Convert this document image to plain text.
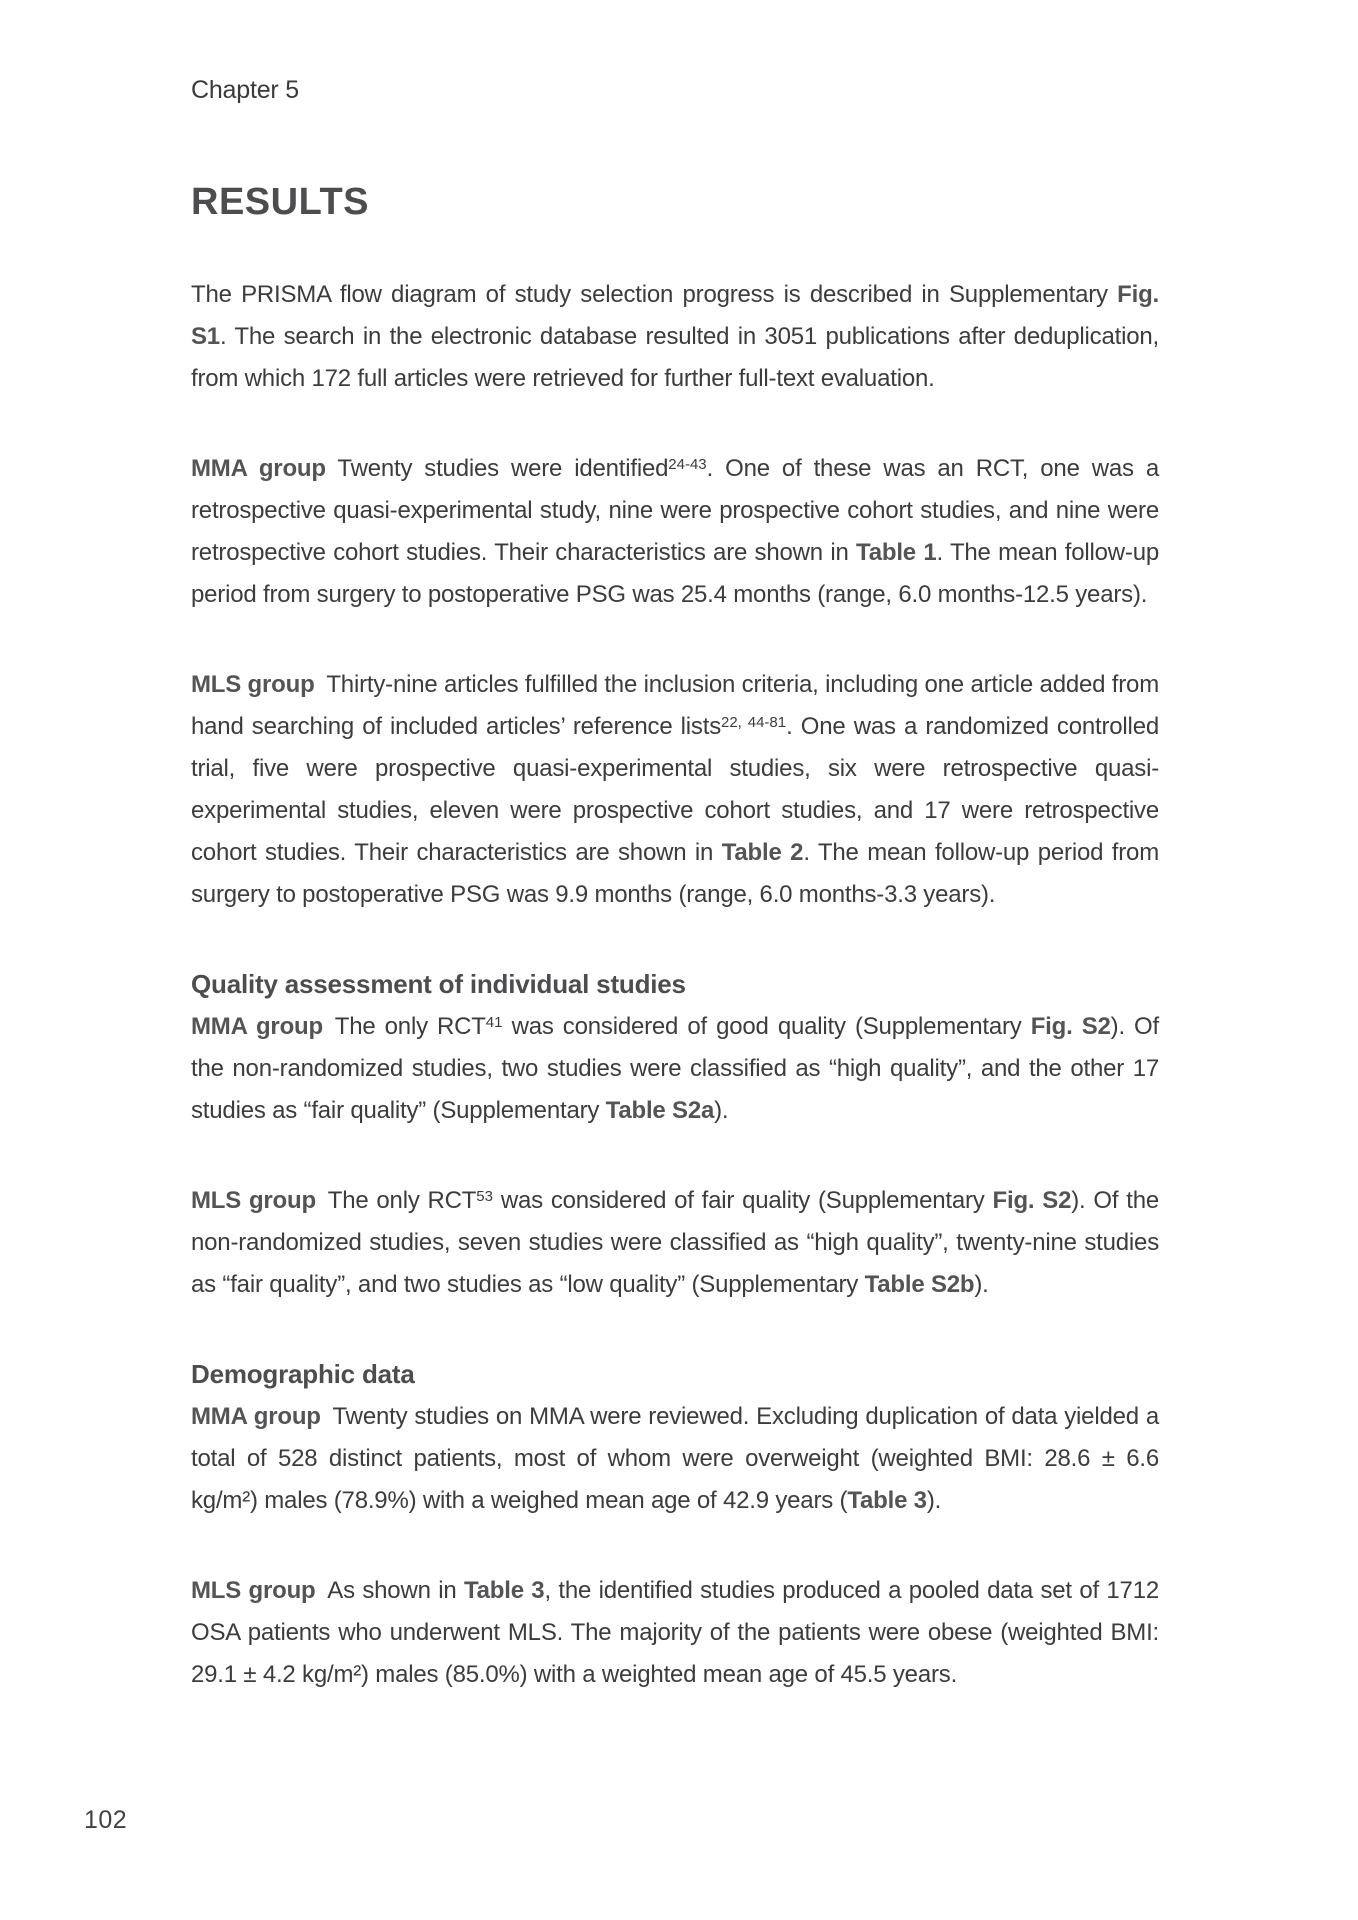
Chapter 5
RESULTS

The PRISMA flow diagram of study selection progress is described in Supplementary Fig. S1. The search in the electronic database resulted in 3051 publications after deduplication, from which 172 full articles were retrieved for further full-text evaluation.

MMA group Twenty studies were identified$^{24-43}$. One of these was an RCT, one was a retrospective quasi-experimental study, nine were prospective cohort studies, and nine were retrospective cohort studies. Their characteristics are shown in Table 1. The mean follow-up period from surgery to postoperative PSG was 25.4 months (range, 6.0 months-12.5 years).

MLS group Thirty-nine articles fulfilled the inclusion criteria, including one article added from hand searching of included articles’ reference lists$^{22, 44-81}$. One was a randomized controlled trial, five were prospective quasi-experimental studies, six were retrospective quasi-experimental studies, eleven were prospective cohort studies, and 17 were retrospective cohort studies. Their characteristics are shown in Table 2. The mean follow-up period from surgery to postoperative PSG was 9.9 months (range, 6.0 months-3.3 years).

Quality assessment of individual studies

MMA group The only RCT$^{41}$ was considered of good quality (Supplementary Fig. S2). Of the non-randomized studies, two studies were classified as “high quality”, and the other 17 studies as “fair quality” (Supplementary Table S2a).

MLS group The only RCT$^{53}$ was considered of fair quality (Supplementary Fig. S2). Of the non-randomized studies, seven studies were classified as “high quality”, twenty-nine studies as “fair quality”, and two studies as “low quality” (Supplementary Table S2b).

Demographic data

MMA group Twenty studies on MMA were reviewed. Excluding duplication of data yielded a total of 528 distinct patients, most of whom were overweight (weighted BMI: 28.6 ± 6.6 kg/m²) males (78.9%) with a weighed mean age of 42.9 years (Table 3).

MLS group As shown in Table 3, the identified studies produced a pooled data set of 1712 OSA patients who underwent MLS. The majority of the patients were obese (weighted BMI: 29.1 ± 4.2 kg/m²) males (85.0%) with a weighted mean age of 45.5 years.

102
